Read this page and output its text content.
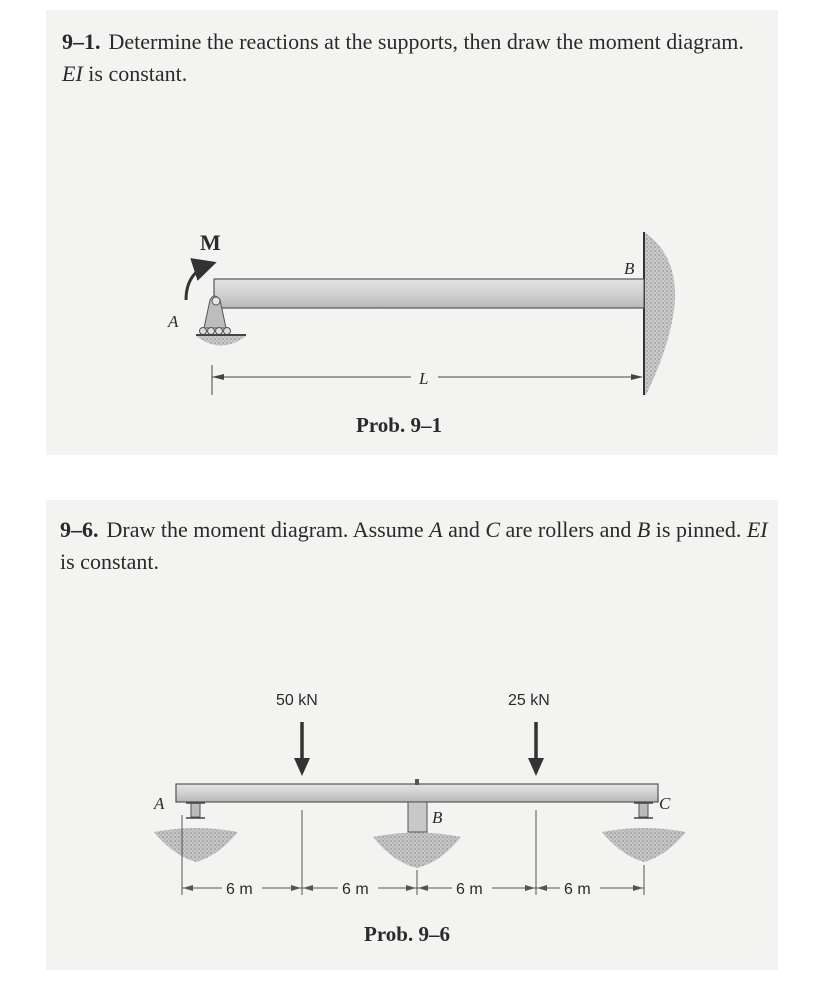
9–1. Determine the reactions at the supports, then draw the moment diagram. EI is constant.

M
A
B
L
Prob. 9–1

9–6. Draw the moment diagram. Assume A and C are rollers and B is pinned. EI is constant.

50 kN	25 kN
A
B
C
6 m	6 m	6 m	6 m
Prob. 9–6
